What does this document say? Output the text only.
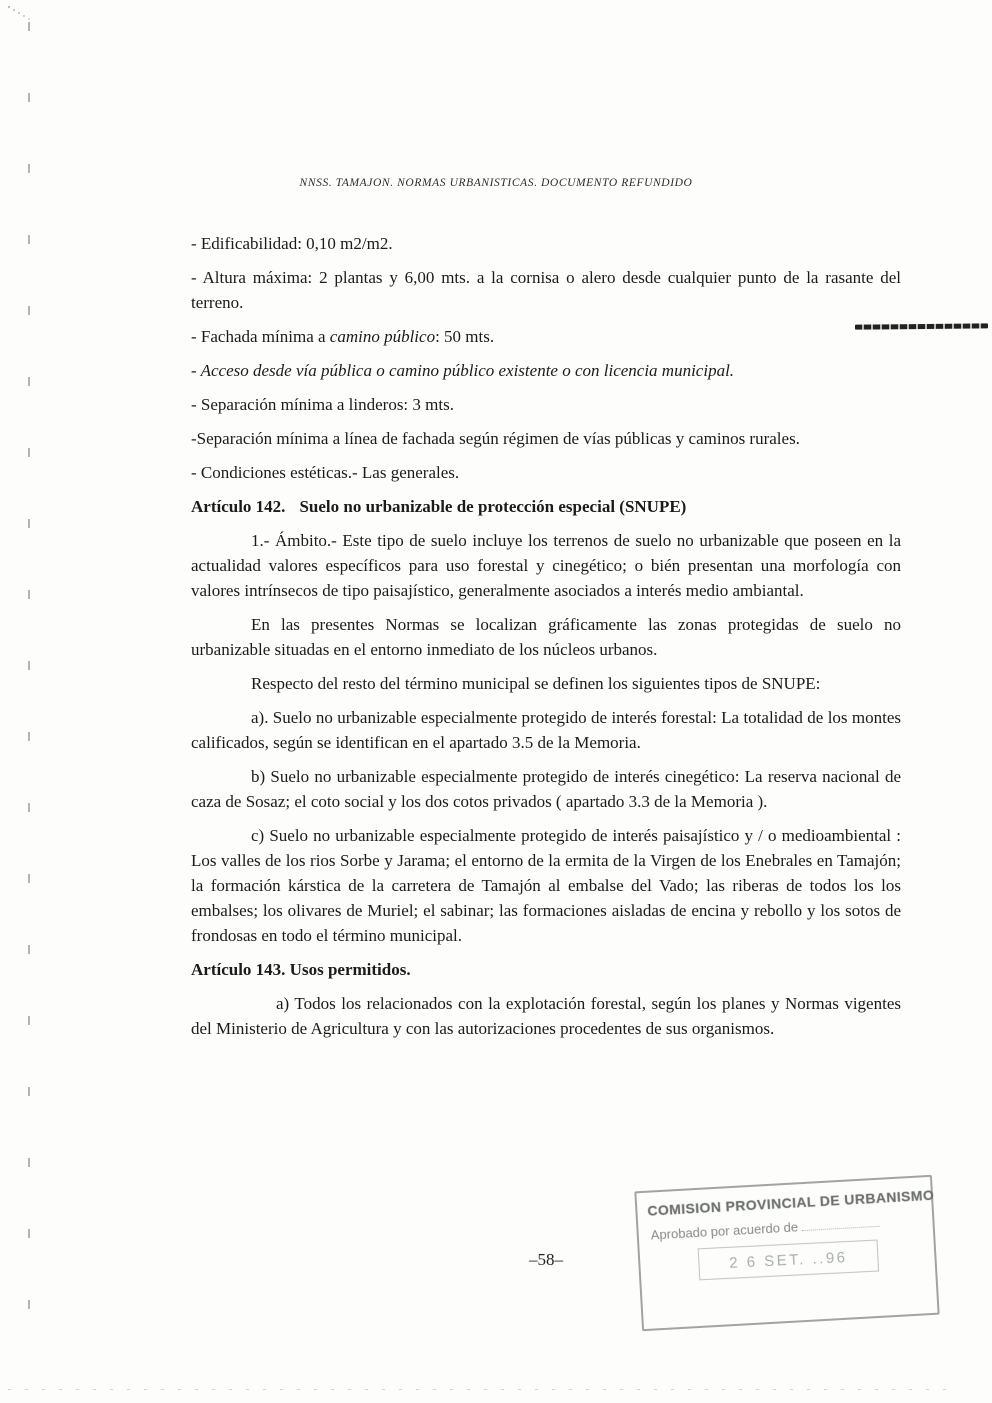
NNSS. TAMAJON. NORMAS URBANISTICAS. DOCUMENTO REFUNDIDO

- Edificabilidad: 0,10 m2/m2.

- Altura máxima: 2 plantas y 6,00 mts. a la cornisa o alero desde cualquier punto de la rasante del terreno.

- Fachada mínima a camino público: 50 mts.

- Acceso desde vía pública o camino público existente o con licencia municipal.

- Separación mínima a linderos: 3 mts.

-Separación mínima a línea de fachada según régimen de vías públicas y caminos rurales.

- Condiciones estéticas.- Las generales.

Artículo 142. Suelo no urbanizable de protección especial (SNUPE)

1.- Ámbito.- Este tipo de suelo incluye los terrenos de suelo no urbanizable que poseen en la actualidad valores específicos para uso forestal y cinegético; o bién presentan una morfología con valores intrínsecos de tipo paisajístico, generalmente asociados a interés medio ambiantal.

En las presentes Normas se localizan gráficamente las zonas protegidas de suelo no urbanizable situadas en el entorno inmediato de los núcleos urbanos.

Respecto del resto del término municipal se definen los siguientes tipos de SNUPE:

a). Suelo no urbanizable especialmente protegido de interés forestal: La totalidad de los montes calificados, según se identifican en el apartado 3.5 de la Memoria.

b) Suelo no urbanizable especialmente protegido de interés cinegético: La reserva nacional de caza de Sosaz; el coto social y los dos cotos privados ( apartado 3.3 de la Memoria ).

c) Suelo no urbanizable especialmente protegido de interés paisajístico y / o medioambiental : Los valles de los rios Sorbe y Jarama; el entorno de la ermita de la Virgen de los Enebrales en Tamajón; la formación kárstica de la carretera de Tamajón al embalse del Vado; las riberas de todos los los embalses; los olivares de Muriel; el sabinar; las formaciones aisladas de encina y rebollo y los sotos de frondosas en todo el término municipal.

Artículo 143. Usos permitidos.

a) Todos los relacionados con la explotación forestal, según los planes y Normas vigentes del Ministerio de Agricultura y con las autorizaciones procedentes de sus organismos.

–58–
COMISION PROVINCIAL DE URBANISMO
Aprobado por acuerdo de
2 6 SET. ..96
